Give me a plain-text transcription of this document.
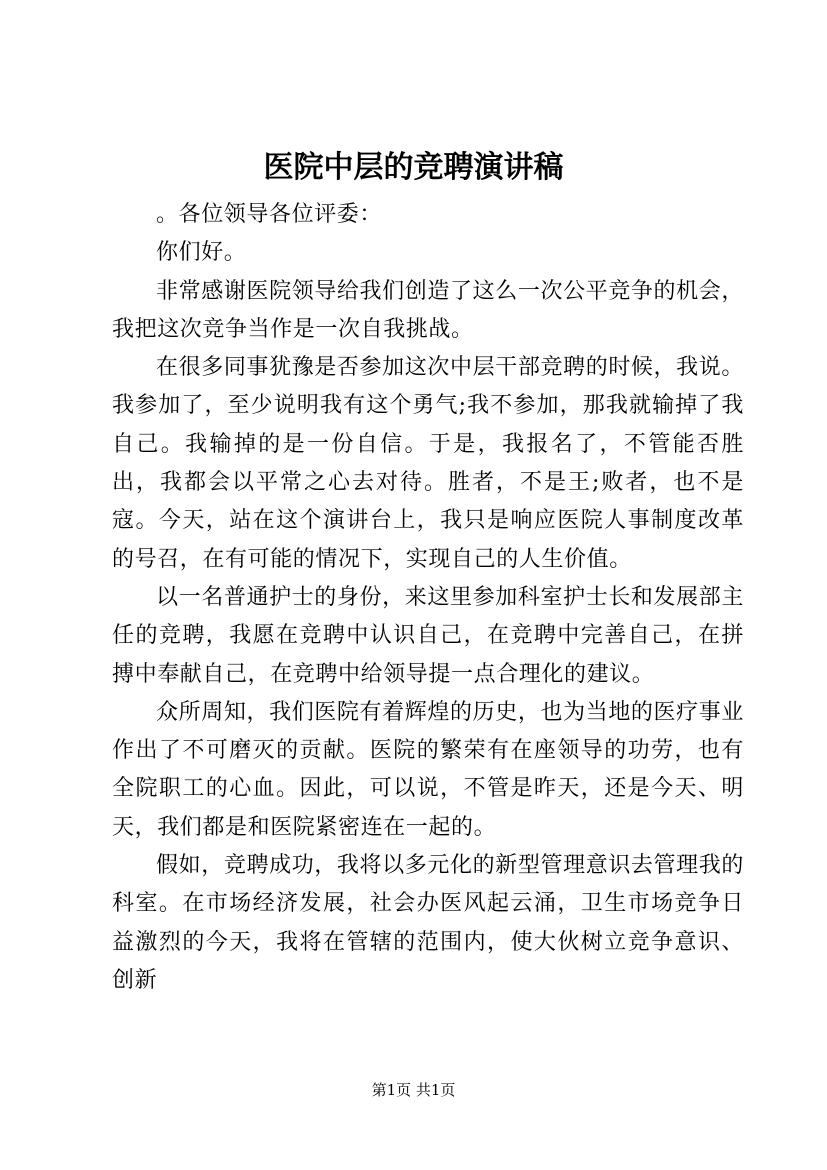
医院中层的竞聘演讲稿

。各位领导各位评委：

你们好。

非常感谢医院领导给我们创造了这么一次公平竞争的机会，我把这次竞争当作是一次自我挑战。

在很多同事犹豫是否参加这次中层干部竞聘的时候，我说。我参加了，至少说明我有这个勇气;我不参加，那我就输掉了我自己。我输掉的是一份自信。于是，我报名了，不管能否胜出，我都会以平常之心去对待。胜者，不是王;败者，也不是寇。今天，站在这个演讲台上，我只是响应医院人事制度改革的号召，在有可能的情况下，实现自己的人生价值。

以一名普通护士的身份，来这里参加科室护士长和发展部主任的竞聘，我愿在竞聘中认识自己，在竞聘中完善自己，在拼搏中奉献自己，在竞聘中给领导提一点合理化的建议。

众所周知，我们医院有着辉煌的历史，也为当地的医疗事业作出了不可磨灭的贡献。医院的繁荣有在座领导的功劳，也有全院职工的心血。因此，可以说，不管是昨天，还是今天、明天，我们都是和医院紧密连在一起的。

假如，竞聘成功，我将以多元化的新型管理意识去管理我的科室。在市场经济发展，社会办医风起云涌，卫生市场竞争日益激烈的今天，我将在管辖的范围内，使大伙树立竞争意识、创新

第1页 共1页
